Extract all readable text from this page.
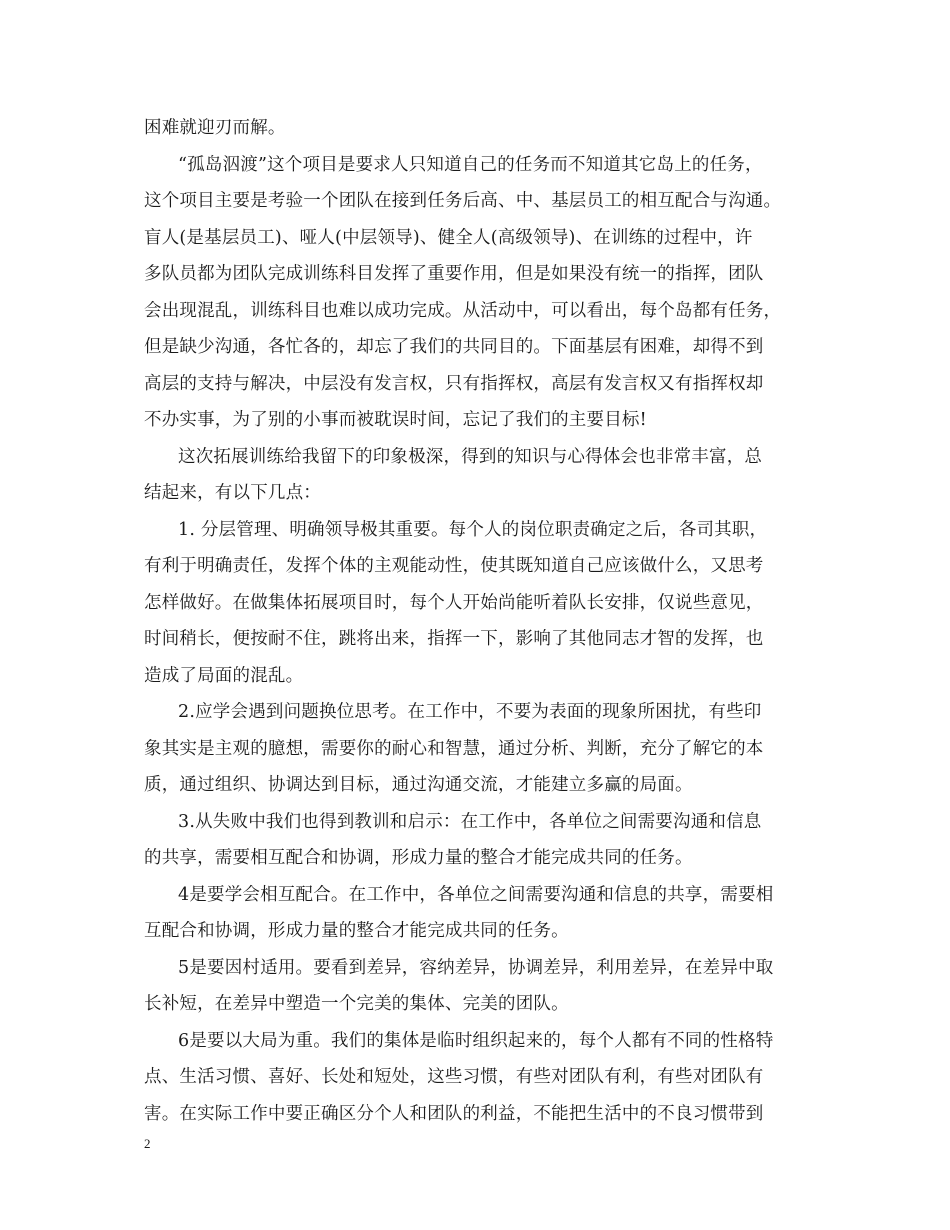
困难就迎刃而解。
“孤岛泅渡”这个项目是要求人只知道自己的任务而不知道其它岛上的任务，
这个项目主要是考验一个团队在接到任务后高、中、基层员工的相互配合与沟通。
盲人(是基层员工)、哑人(中层领导)、健全人(高级领导)、在训练的过程中，许
多队员都为团队完成训练科目发挥了重要作用，但是如果没有统一的指挥，团队
会出现混乱，训练科目也难以成功完成。从活动中，可以看出，每个岛都有任务，
但是缺少沟通，各忙各的，却忘了我们的共同目的。下面基层有困难，却得不到
高层的支持与解决，中层没有发言权，只有指挥权，高层有发言权又有指挥权却
不办实事，为了别的小事而被耽误时间，忘记了我们的主要目标!
这次拓展训练给我留下的印象极深，得到的知识与心得体会也非常丰富，总
结起来，有以下几点：
1. 分层管理、明确领导极其重要。每个人的岗位职责确定之后，各司其职，
有利于明确责任，发挥个体的主观能动性，使其既知道自己应该做什么，又思考
怎样做好。在做集体拓展项目时，每个人开始尚能听着队长安排，仅说些意见，
时间稍长，便按耐不住，跳将出来，指挥一下，影响了其他同志才智的发挥，也
造成了局面的混乱。
2.应学会遇到问题换位思考。在工作中，不要为表面的现象所困扰，有些印
象其实是主观的臆想，需要你的耐心和智慧，通过分析、判断，充分了解它的本
质，通过组织、协调达到目标，通过沟通交流，才能建立多赢的局面。
3.从失败中我们也得到教训和启示：在工作中，各单位之间需要沟通和信息
的共享，需要相互配合和协调，形成力量的整合才能完成共同的任务。
4是要学会相互配合。在工作中，各单位之间需要沟通和信息的共享，需要相
互配合和协调，形成力量的整合才能完成共同的任务。
5是要因村适用。要看到差异，容纳差异，协调差异，利用差异，在差异中取
长补短，在差异中塑造一个完美的集体、完美的团队。
6是要以大局为重。我们的集体是临时组织起来的，每个人都有不同的性格特
点、生活习惯、喜好、长处和短处，这些习惯，有些对团队有利，有些对团队有
害。在实际工作中要正确区分个人和团队的利益，不能把生活中的不良习惯带到
2
